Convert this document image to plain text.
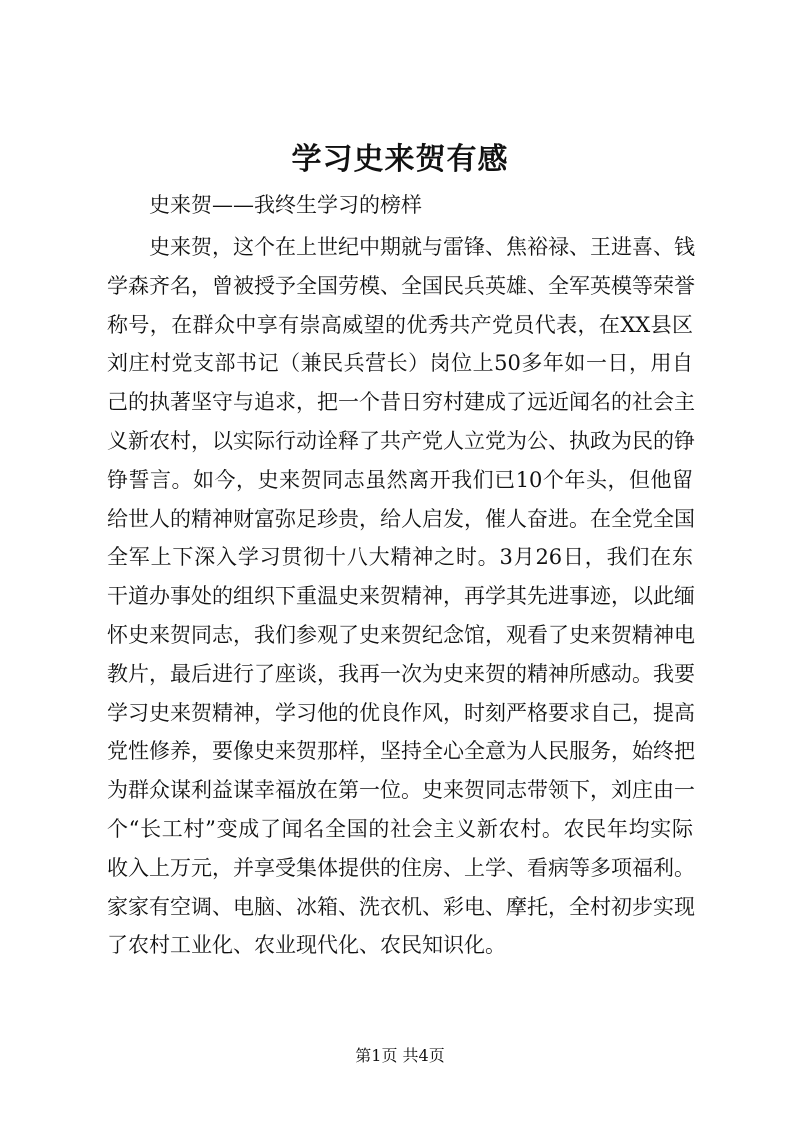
学习史来贺有感
史来贺——我终生学习的榜样
史来贺，这个在上世纪中期就与雷锋、焦裕禄、王进喜、钱
学森齐名，曾被授予全国劳模、全国民兵英雄、全军英模等荣誉
称号，在群众中享有崇高威望的优秀共产党员代表，在XX县区
刘庄村党支部书记（兼民兵营长）岗位上50多年如一日，用自
己的执著坚守与追求，把一个昔日穷村建成了远近闻名的社会主
义新农村，以实际行动诠释了共产党人立党为公、执政为民的铮
铮誓言。如今，史来贺同志虽然离开我们已10个年头，但他留
给世人的精神财富弥足珍贵，给人启发，催人奋进。在全党全国
全军上下深入学习贯彻十八大精神之时。3月26日，我们在东
干道办事处的组织下重温史来贺精神，再学其先进事迹，以此缅
怀史来贺同志，我们参观了史来贺纪念馆，观看了史来贺精神电
教片，最后进行了座谈，我再一次为史来贺的精神所感动。我要
学习史来贺精神，学习他的优良作风，时刻严格要求自己，提高
党性修养，要像史来贺那样，坚持全心全意为人民服务，始终把
为群众谋利益谋幸福放在第一位。史来贺同志带领下，刘庄由一
个“长工村”变成了闻名全国的社会主义新农村。农民年均实际
收入上万元，并享受集体提供的住房、上学、看病等多项福利。
家家有空调、电脑、冰箱、洗衣机、彩电、摩托，全村初步实现
了农村工业化、农业现代化、农民知识化。
第1页 共4页
